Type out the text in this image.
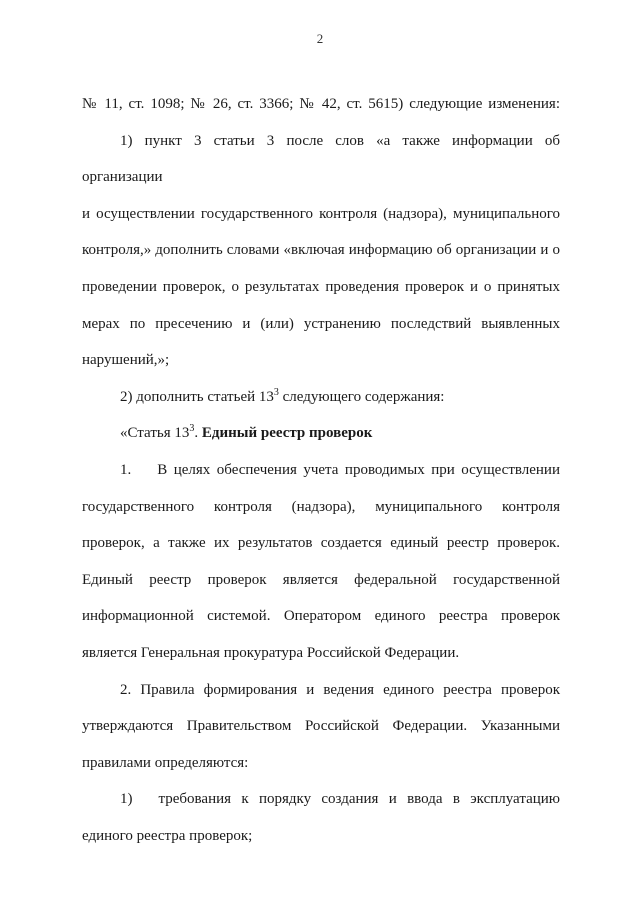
2

№ 11, ст. 1098; № 26, ст. 3366; № 42, ст. 5615) следующие изменения:

1) пункт 3 статьи 3 после слов «а также информации об организации

и осуществлении государственного контроля (надзора), муниципального

контроля,» дополнить словами «включая информацию об организации и о

проведении проверок, о результатах проведения проверок и о принятых

мерах по пресечению и (или) устранению последствий выявленных

нарушений,»;

2) дополнить статьей $13^3$ следующего содержания:

«Статья $13^3$. Единый реестр проверок

1. В целях обеспечения учета проводимых при осуществлении

государственного контроля (надзора), муниципального контроля

проверок, а также их результатов создается единый реестр проверок.

Единый реестр проверок является федеральной государственной

информационной системой. Оператором единого реестра проверок

является Генеральная прокуратура Российской Федерации.

2. Правила формирования и ведения единого реестра проверок

утверждаются Правительством Российской Федерации. Указанными

правилами определяются:

1) требования к порядку создания и ввода в эксплуатацию

единого реестра проверок;
